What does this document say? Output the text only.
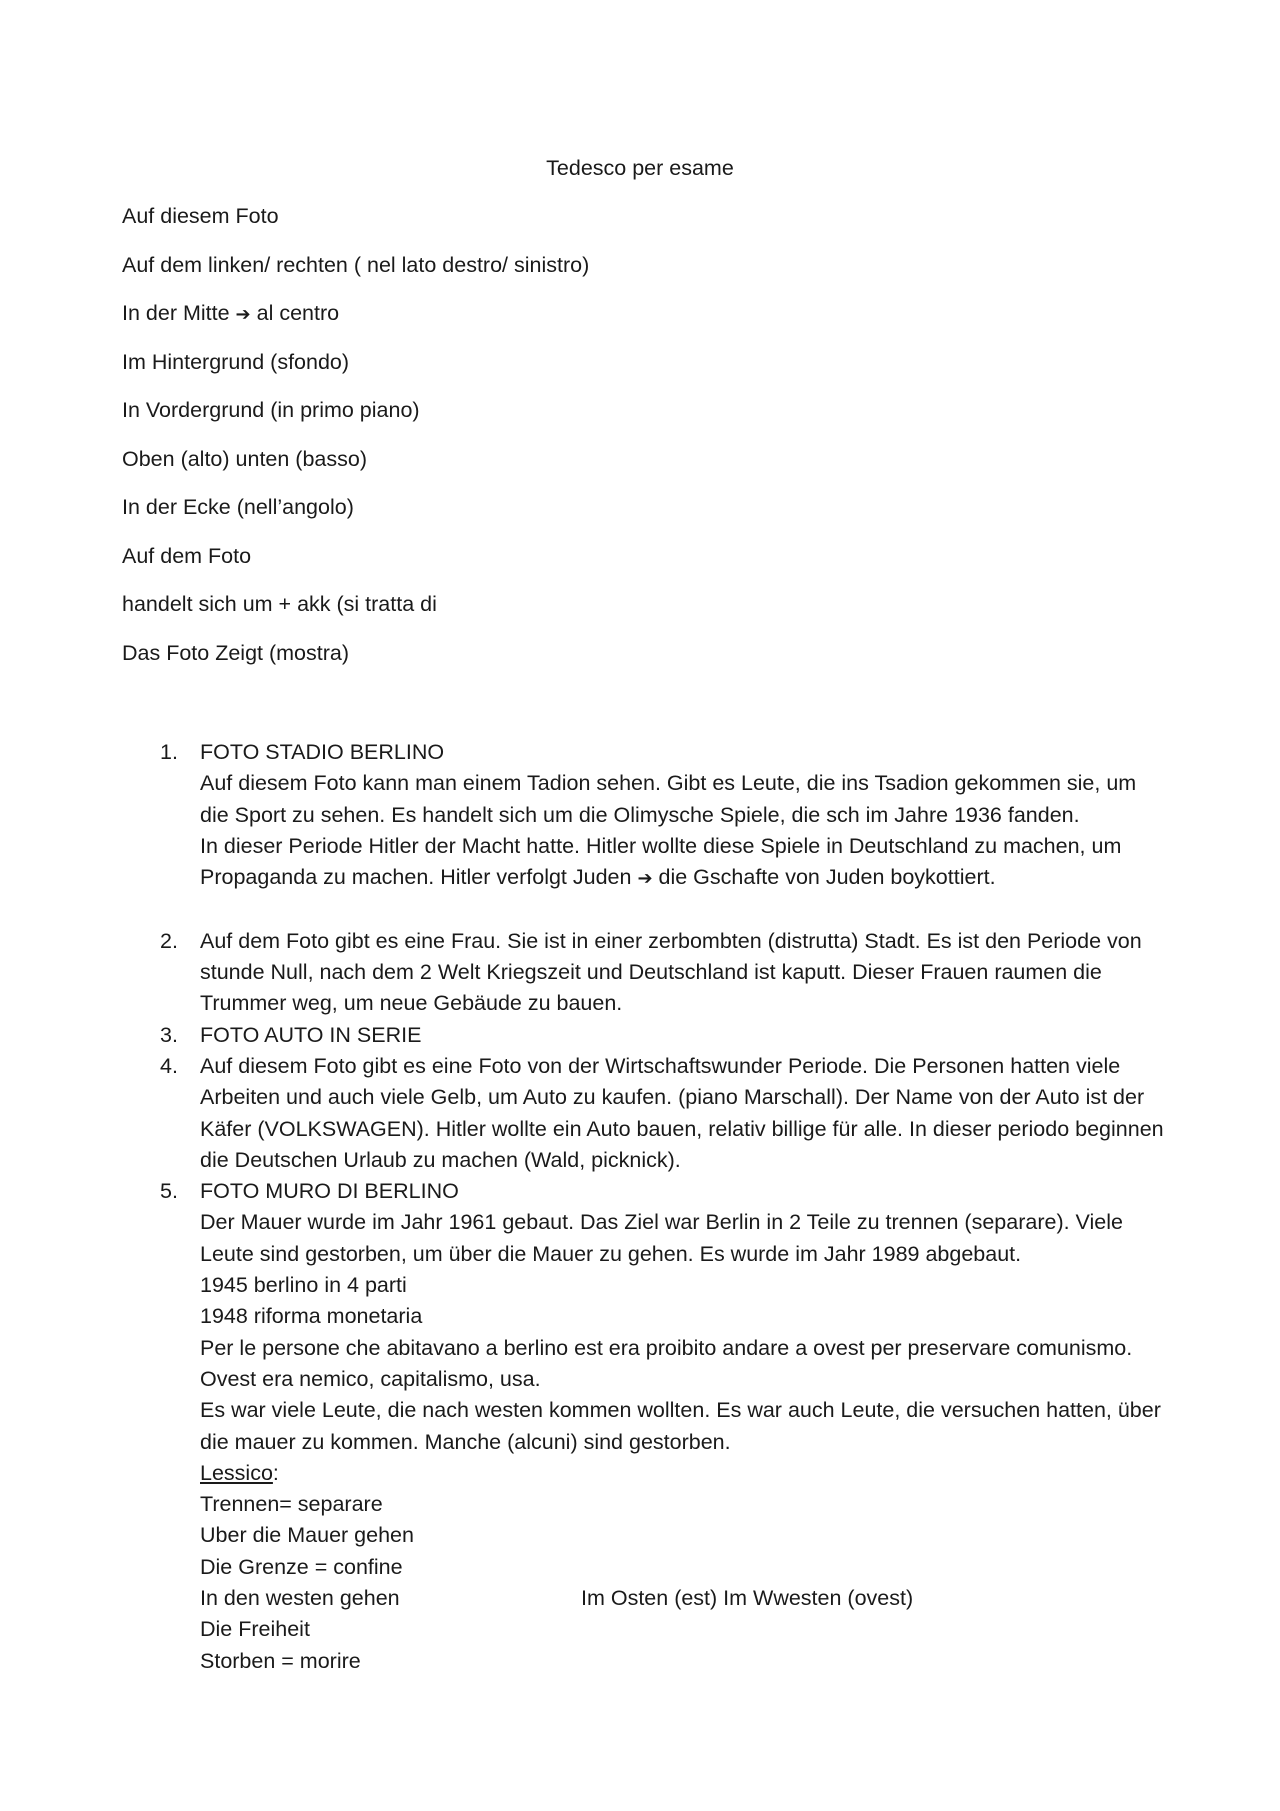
Tedesco per esame
Auf diesem Foto
Auf dem linken/ rechten ( nel lato destro/ sinistro)
In der Mitte ➔ al centro
Im Hintergrund (sfondo)
In Vordergrund (in primo piano)
Oben (alto) unten (basso)
In der Ecke (nell’angolo)
Auf dem Foto
handelt sich um + akk (si tratta di
Das Foto Zeigt (mostra)
1.	FOTO STADIO BERLINO
Auf diesem Foto kann man einem Tadion sehen. Gibt es Leute, die ins Tsadion gekommen sie, um die Sport zu sehen. Es handelt sich um die Olimysche Spiele, die sch im Jahre 1936 fanden.
In dieser Periode Hitler der Macht hatte. Hitler wollte diese Spiele in Deutschland zu machen, um Propaganda zu machen. Hitler verfolgt Juden ➔ die Gschafte von Juden boykottiert.
2.	Auf dem Foto gibt es eine Frau. Sie ist in einer zerbombten (distrutta) Stadt. Es ist den Periode von stunde Null, nach dem 2 Welt Kriegszeit und Deutschland ist kaputt. Dieser Frauen raumen die Trummer weg, um neue Gebäude zu bauen.
3.	FOTO AUTO IN SERIE
4.	Auf diesem Foto gibt es eine Foto von der Wirtschaftswunder Periode. Die Personen hatten viele Arbeiten und auch viele Gelb, um Auto zu kaufen. (piano Marschall). Der Name von der Auto ist der Käfer (VOLKSWAGEN). Hitler wollte ein Auto bauen, relativ billige für alle. In dieser periodo beginnen die Deutschen Urlaub zu machen (Wald, picknick).
5.	FOTO MURO DI BERLINO
Der Mauer wurde im Jahr 1961 gebaut. Das Ziel war Berlin in 2 Teile zu trennen (separare). Viele Leute sind gestorben, um über die Mauer zu gehen. Es wurde im Jahr 1989 abgebaut.
1945 berlino in 4 parti
1948 riforma monetaria
Per le persone che abitavano a berlino est era proibito andare a ovest per preservare comunismo. Ovest era nemico, capitalismo, usa.
Es war viele Leute, die nach westen kommen wollten. Es war auch Leute, die versuchen hatten, über die mauer zu kommen. Manche (alcuni) sind gestorben.
Lessico:
Trennen= separare
Uber die Mauer gehen
Die Grenze = confine
In den westen gehen	Im Osten (est) Im Wwesten (ovest)
Die Freiheit
Storben = morire
